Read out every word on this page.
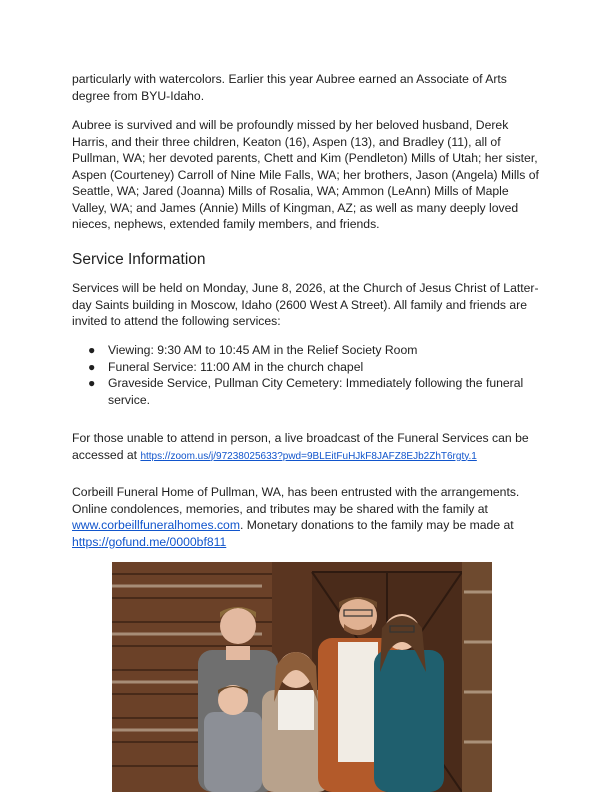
particularly with watercolors. Earlier this year Aubree earned an Associate of Arts degree from BYU-Idaho.

Aubree is survived and will be profoundly missed by her beloved husband, Derek Harris, and their three children, Keaton (16), Aspen (13), and Bradley (11), all of Pullman, WA; her devoted parents, Chett and Kim (Pendleton) Mills of Utah; her sister, Aspen (Courteney) Carroll of Nine Mile Falls, WA; her brothers, Jason (Angela) Mills of Seattle, WA; Jared (Joanna) Mills of Rosalia, WA; Ammon (LeAnn) Mills of Maple Valley, WA; and James (Annie) Mills of Kingman, AZ; as well as many deeply loved nieces, nephews, extended family members, and friends.

Service Information

Services will be held on Monday, June 8, 2026, at the Church of Jesus Christ of Latter-day Saints building in Moscow, Idaho (2600 West A Street). All family and friends are invited to attend the following services:

● Viewing: 9:30 AM to 10:45 AM in the Relief Society Room
● Funeral Service: 11:00 AM in the church chapel
● Graveside Service, Pullman City Cemetery: Immediately following the funeral service.

For those unable to attend in person, a live broadcast of the Funeral Services can be accessed at https://zoom.us/j/97238025633?pwd=9BLEitFuHJkF8JAFZ8EJb2ZhT6rgty.1

Corbeill Funeral Home of Pullman, WA, has been entrusted with the arrangements. Online condolences, memories, and tributes may be shared with the family at www.corbeillfuneralhomes.com. Monetary donations to the family may be made at https://gofund.me/0000bf811
